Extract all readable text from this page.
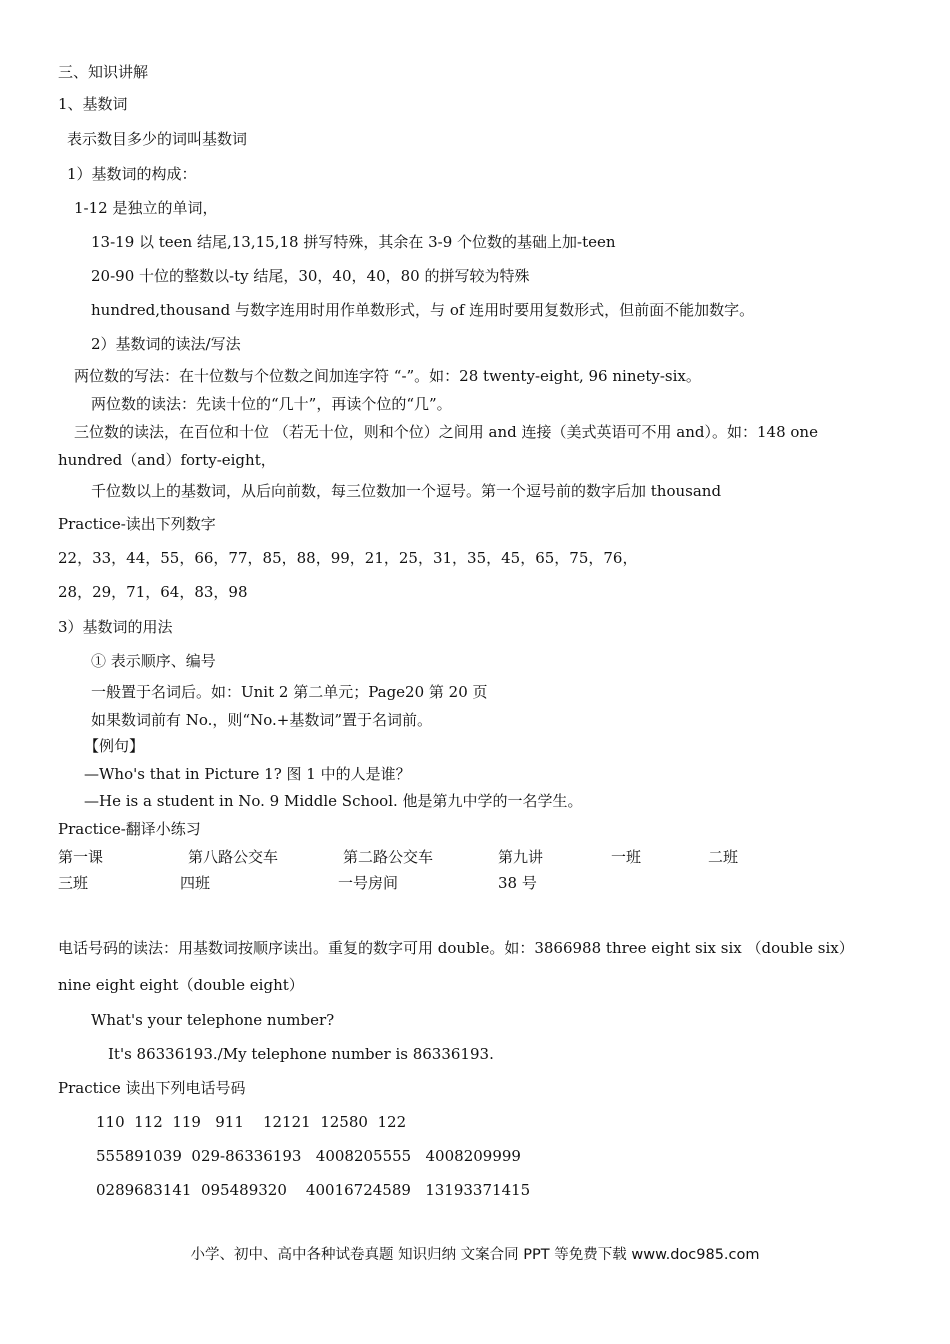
三、知识讲解
1、基数词
表示数目多少的词叫基数词
1）基数词的构成：
1-12 是独立的单词，
13-19 以 teen 结尾,13,15,18 拼写特殊，其余在 3-9 个位数的基础上加-teen
20-90 十位的整数以-ty 结尾，30，40，40，80 的拼写较为特殊
hundred,thousand 与数字连用时用作单数形式，与 of 连用时要用复数形式，但前面不能加数字。
2）基数词的读法/写法
两位数的写法：在十位数与个位数之间加连字符 “-”。如：28 twenty-eight, 96 ninety-six。
两位数的读法：先读十位的“几十”，再读个位的“几”。
三位数的读法，在百位和十位 （若无十位，则和个位）之间用 and 连接（美式英语可不用 and）。如：148 one
hundred（and）forty-eight，
千位数以上的基数词，从后向前数，每三位数加一个逗号。第一个逗号前的数字后加 thousand
Practice-读出下列数字
22，33，44，55，66，77，85，88，99，21，25，31，35，45，65，75，76，
28，29，71，64，83，98
3）基数词的用法
① 表示顺序、编号
一般置于名词后。如：Unit 2 第二单元；Page20 第 20 页
如果数词前有 No.，则“No.+基数词”置于名词前。
【例句】
—Who's that in Picture 1? 图 1 中的人是谁？
—He is a student in No. 9 Middle School. 他是第九中学的一名学生。
Practice-翻译小练习
第一课	第八路公交车	第二路公交车	第九讲	一班	二班
三班	四班	一号房间	38 号
电话号码的读法：用基数词按顺序读出。重复的数字可用 double。如：3866988 three eight six six （double six）
nine eight eight（double eight）
What's your telephone number?
It's 86336193./My telephone number is 86336193.
Practice 读出下列电话号码
110  112  119   911    12121  12580  122
555891039  029-86336193   4008205555   4008209999
0289683141  095489320    40016724589   13193371415
小学、初中、高中各种试卷真题 知识归纳 文案合同 PPT 等免费下载 www.doc985.com
